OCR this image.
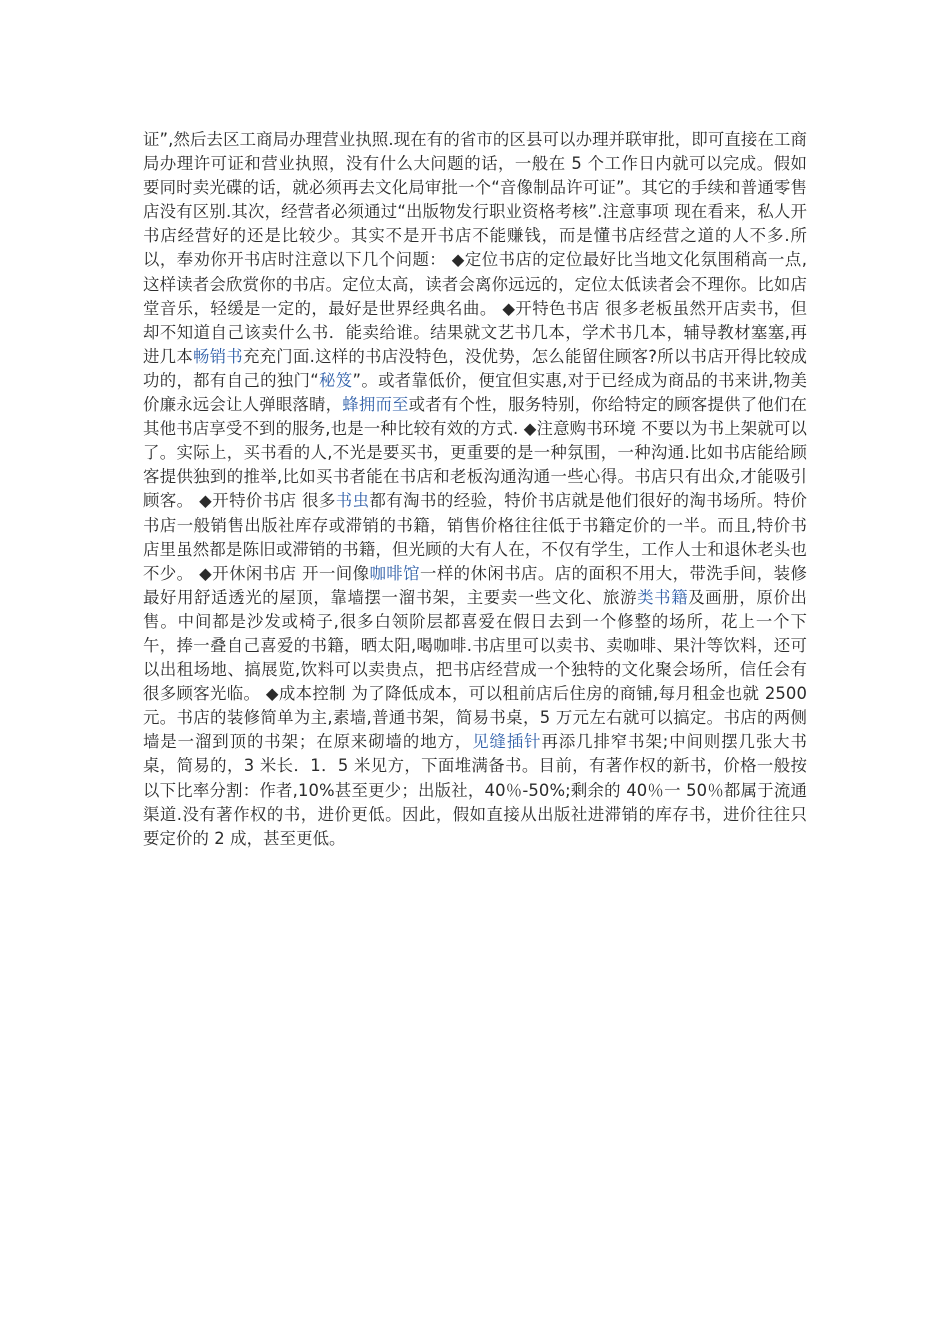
证”,然后去区工商局办理营业执照.现在有的省市的区县可以办理并联审批，即可直接在工商局办理许可证和营业执照，没有什么大问题的话，一般在 5 个工作日内就可以完成。假如要同时卖光碟的话，就必须再去文化局审批一个“音像制品许可证”。其它的手续和普通零售店没有区别.其次，经营者必须通过“出版物发行职业资格考核”.注意事项 现在看来，私人开书店经营好的还是比较少。其实不是开书店不能赚钱，而是懂书店经营之道的人不多.所以，奉劝你开书店时注意以下几个问题： ◆定位书店的定位最好比当地文化氛围稍高一点,这样读者会欣赏你的书店。定位太高，读者会离你远远的，定位太低读者会不理你。比如店堂音乐，轻缓是一定的，最好是世界经典名曲。 ◆开特色书店 很多老板虽然开店卖书，但却不知道自己该卖什么书．能卖给谁。结果就文艺书几本，学术书几本，辅导教材塞塞,再进几本畅销书充充门面.这样的书店没特色，没优势，怎么能留住顾客?所以书店开得比较成功的，都有自己的独门“秘笈”。或者靠低价，便宜但实惠,对于已经成为商品的书来讲,物美价廉永远会让人弹眼落睛，蜂拥而至或者有个性，服务特别，你给特定的顾客提供了他们在其他书店享受不到的服务,也是一种比较有效的方式. ◆注意购书环境 不要以为书上架就可以了。实际上，买书看的人,不光是要买书，更重要的是一种氛围，一种沟通.比如书店能给顾客提供独到的推举,比如买书者能在书店和老板沟通沟通一些心得。书店只有出众,才能吸引顾客。 ◆开特价书店 很多书虫都有淘书的经验，特价书店就是他们很好的淘书场所。特价书店一般销售出版社库存或滞销的书籍，销售价格往往低于书籍定价的一半。而且,特价书店里虽然都是陈旧或滞销的书籍，但光顾的大有人在，不仅有学生，工作人士和退休老头也不少。 ◆开休闲书店 开一间像咖啡馆一样的休闲书店。店的面积不用大，带洗手间，装修最好用舒适透光的屋顶，靠墙摆一溜书架，主要卖一些文化、旅游类书籍及画册，原价出售。中间都是沙发或椅子,很多白领阶层都喜爱在假日去到一个修整的场所，花上一个下午，捧一叠自己喜爱的书籍，晒太阳,喝咖啡.书店里可以卖书、卖咖啡、果汁等饮料，还可以出租场地、搞展览,饮料可以卖贵点，把书店经营成一个独特的文化聚会场所，信任会有很多顾客光临。 ◆成本控制 为了降低成本，可以租前店后住房的商铺,每月租金也就 2500 元。书店的装修简单为主,素墙,普通书架，简易书桌，5 万元左右就可以搞定。书店的两侧墙是一溜到顶的书架；在原来砌墙的地方，见缝插针再添几排窄书架;中间则摆几张大书桌，简易的，3 米长．1．5 米见方，下面堆满备书。目前，有著作权的新书，价格一般按以下比率分割：作者,10%甚至更少；出版社，40％-50%;剩余的 40％一 50％都属于流通渠道.没有著作权的书，进价更低。因此，假如直接从出版社进滞销的库存书，进价往往只要定价的 2 成，甚至更低。
